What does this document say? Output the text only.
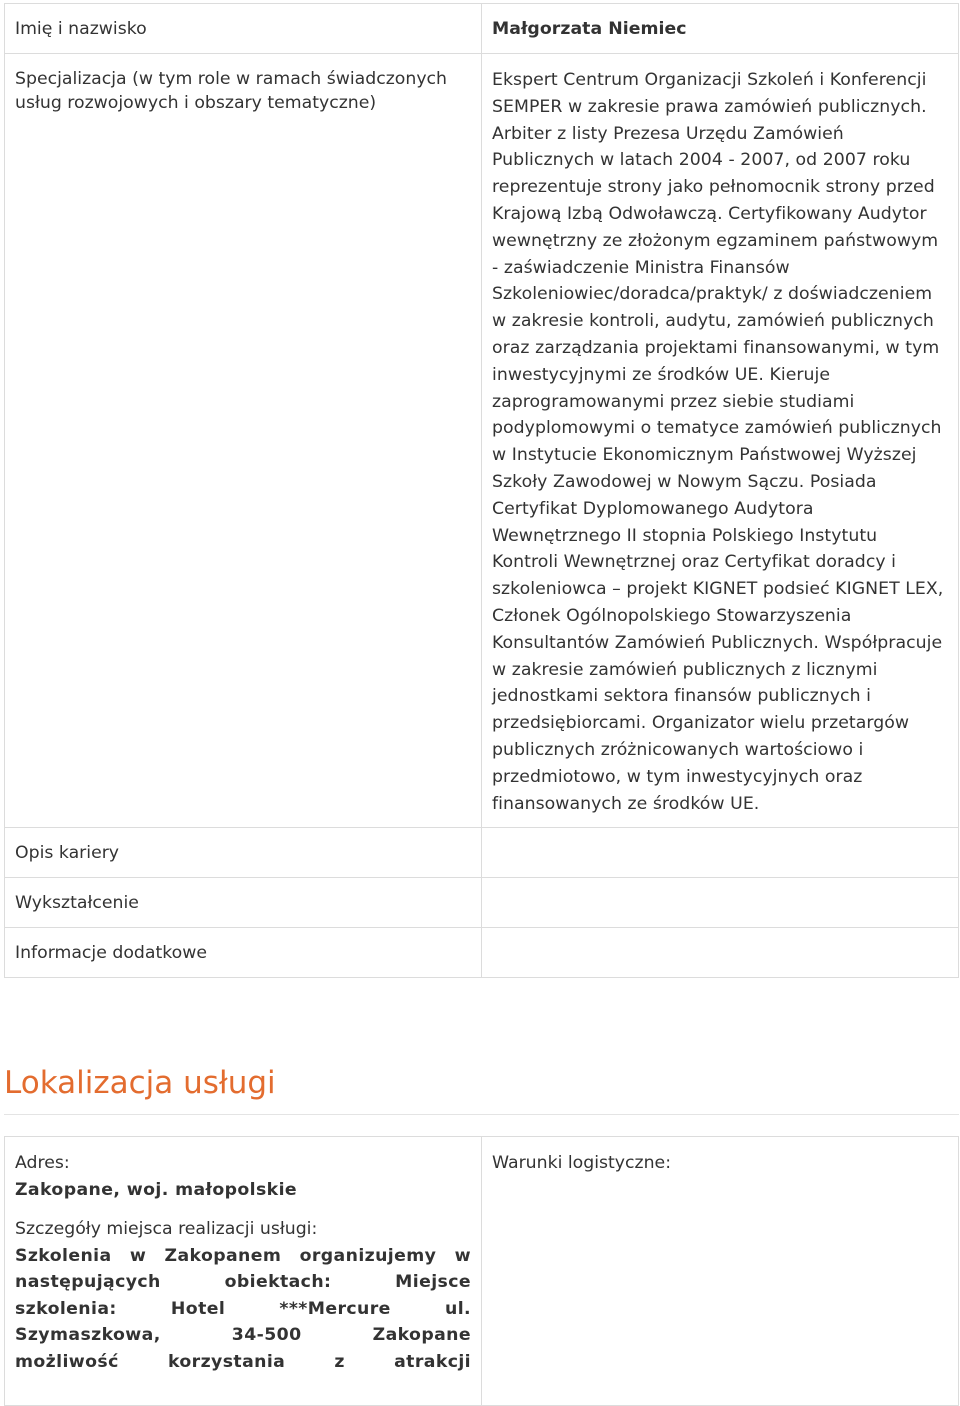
Imię i nazwisko	Małgorzata Niemiec
Specjalizacja (w tym role w ramach świadczonych usług rozwojowych i obszary tematyczne)	Ekspert Centrum Organizacji Szkoleń i Konferencji SEMPER w zakresie prawa zamówień publicznych. Arbiter z listy Prezesa Urzędu Zamówień Publicznych w latach 2004 - 2007, od 2007 roku reprezentuje strony jako pełnomocnik strony przed Krajową Izbą Odwoławczą. Certyfikowany Audytor wewnętrzny ze złożonym egzaminem państwowym - zaświadczenie Ministra Finansów Szkoleniowiec/doradca/praktyk/ z doświadczeniem w zakresie kontroli, audytu, zamówień publicznych oraz zarządzania projektami finansowanymi, w tym inwestycyjnymi ze środków UE. Kieruje zaprogramowanymi przez siebie studiami podyplomowymi o tematyce zamówień publicznych w Instytucie Ekonomicznym Państwowej Wyższej Szkoły Zawodowej w Nowym Sączu. Posiada Certyfikat Dyplomowanego Audytora Wewnętrznego II stopnia Polskiego Instytutu Kontroli Wewnętrznej oraz Certyfikat doradcy i szkoleniowca – projekt KIGNET podsieć KIGNET LEX, Członek Ogólnopolskiego Stowarzyszenia Konsultantów Zamówień Publicznych. Współpracuje w zakresie zamówień publicznych z licznymi jednostkami sektora finansów publicznych i przedsiębiorcami. Organizator wielu przetargów publicznych zróżnicowanych wartościowo i przedmiotowo, w tym inwestycyjnych oraz finansowanych ze środków UE.
Opis kariery	
Wykształcenie	
Informacje dodatkowe	
Lokalizacja usługi
Adres:
Zakopane, woj. małopolskie
Szczegóły miejsca realizacji usługi:
Szkolenia w Zakopanem organizujemy w
następujących obiektach: Miejsce
szkolenia: Hotel ***Mercure ul.
Szymaszkowa, 34-500 Zakopane
możliwość korzystania z atrakcji

Warunki logistyczne:
